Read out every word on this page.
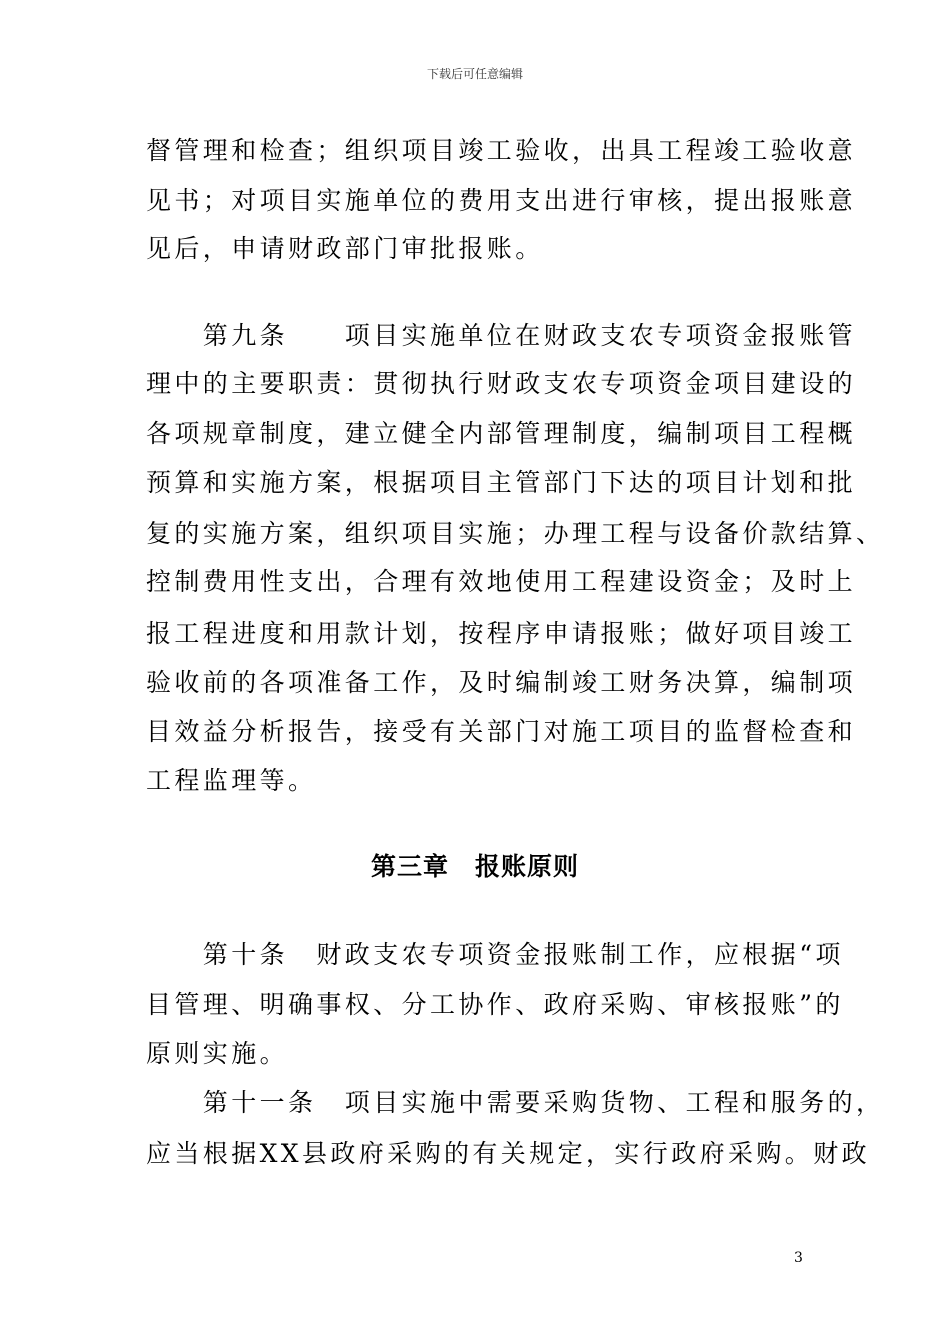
下载后可任意编辑
督管理和检查；组织项目竣工验收，出具工程竣工验收意
见书；对项目实施单位的费用支出进行审核，提出报账意
见后，申请财政部门审批报账。
　　第九条　　项目实施单位在财政支农专项资金报账管
理中的主要职责：贯彻执行财政支农专项资金项目建设的
各项规章制度，建立健全内部管理制度，编制项目工程概
预算和实施方案，根据项目主管部门下达的项目计划和批
复的实施方案，组织项目实施；办理工程与设备价款结算、
控制费用性支出，合理有效地使用工程建设资金；及时上
报工程进度和用款计划，按程序申请报账；做好项目竣工
验收前的各项准备工作，及时编制竣工财务决算，编制项
目效益分析报告，接受有关部门对施工项目的监督检查和
工程监理等。
第三章　报账原则
　　第十条　财政支农专项资金报账制工作，应根据“项
目管理、明确事权、分工协作、政府采购、审核报账”的
原则实施。
　　第十一条　项目实施中需要采购货物、工程和服务的，
应当根据XX县政府采购的有关规定，实行政府采购。财政
3
